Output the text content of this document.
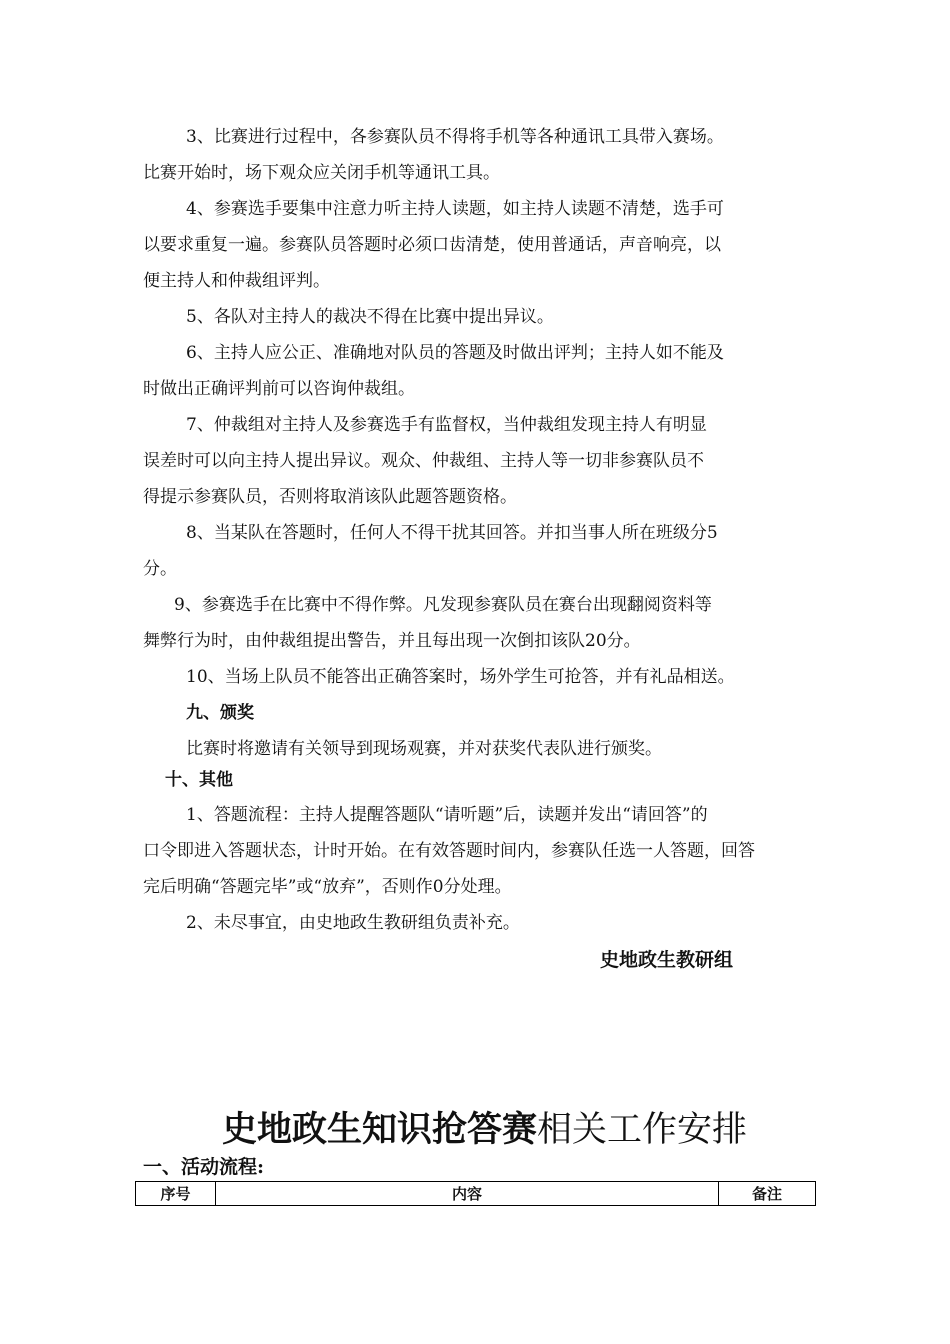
3、比赛进行过程中，各参赛队员不得将手机等各种通讯工具带入赛场。
比赛开始时，场下观众应关闭手机等通讯工具。
4、参赛选手要集中注意力听主持人读题，如主持人读题不清楚，选手可
以要求重复一遍。参赛队员答题时必须口齿清楚，使用普通话，声音响亮，以
便主持人和仲裁组评判。
5、各队对主持人的裁决不得在比赛中提出异议。
6、主持人应公正、准确地对队员的答题及时做出评判；主持人如不能及
时做出正确评判前可以咨询仲裁组。
7、仲裁组对主持人及参赛选手有监督权，当仲裁组发现主持人有明显
误差时可以向主持人提出异议。观众、仲裁组、主持人等一切非参赛队员不
得提示参赛队员，否则将取消该队此题答题资格。
8、当某队在答题时，任何人不得干扰其回答。并扣当事人所在班级分5
分。
9、参赛选手在比赛中不得作弊。凡发现参赛队员在赛台出现翻阅资料等
舞弊行为时，由仲裁组提出警告，并且每出现一次倒扣该队20分。
10、当场上队员不能答出正确答案时，场外学生可抢答，并有礼品相送。
九、颁奖
比赛时将邀请有关领导到现场观赛，并对获奖代表队进行颁奖。
十、其他
1、答题流程：主持人提醒答题队“请听题”后，读题并发出“请回答”的
口令即进入答题状态，计时开始。在有效答题时间内，参赛队任选一人答题，回答
完后明确“答题完毕”或“放弃”，否则作0分处理。
2、未尽事宜，由史地政生教研组负责补充。
史地政生教研组
史地政生知识抢答赛相关工作安排
一、活动流程:
序号	内容	备注
